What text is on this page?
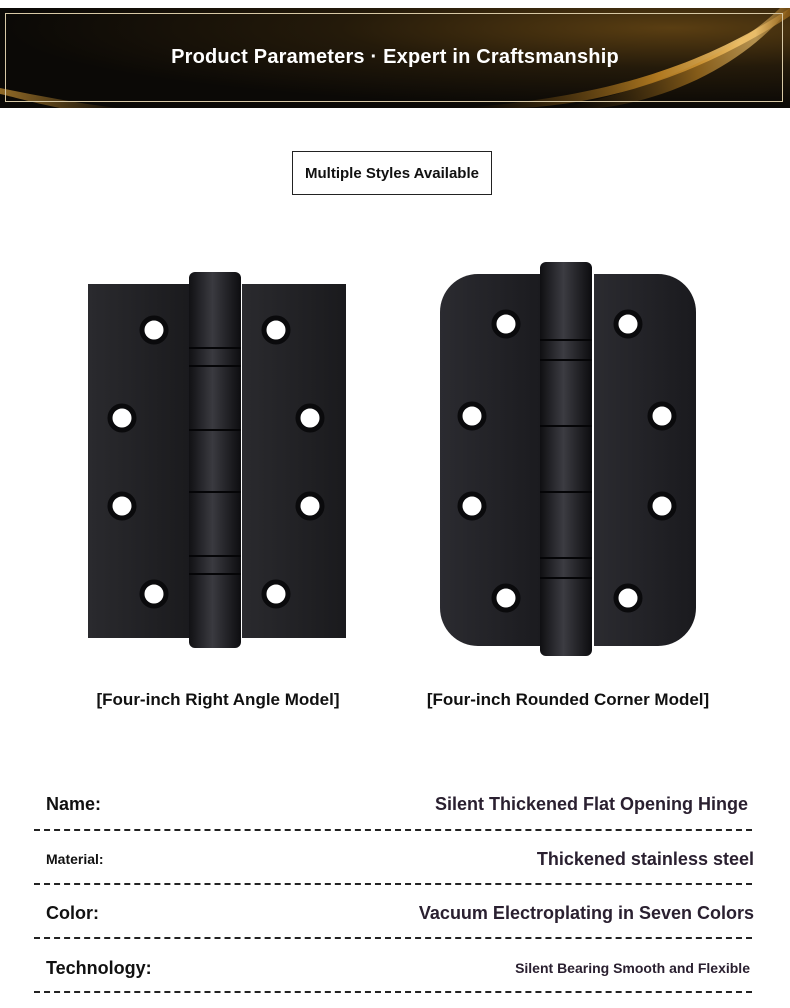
Product Parameters · Expert in Craftsmanship
Multiple Styles Available
[Four-inch Right Angle Model]	[Four-inch Rounded Corner Model]
Name:	Silent Thickened Flat Opening Hinge
Material:	Thickened stainless steel
Color:	Vacuum Electroplating in Seven Colors
Technology:	Silent Bearing Smooth and Flexible
